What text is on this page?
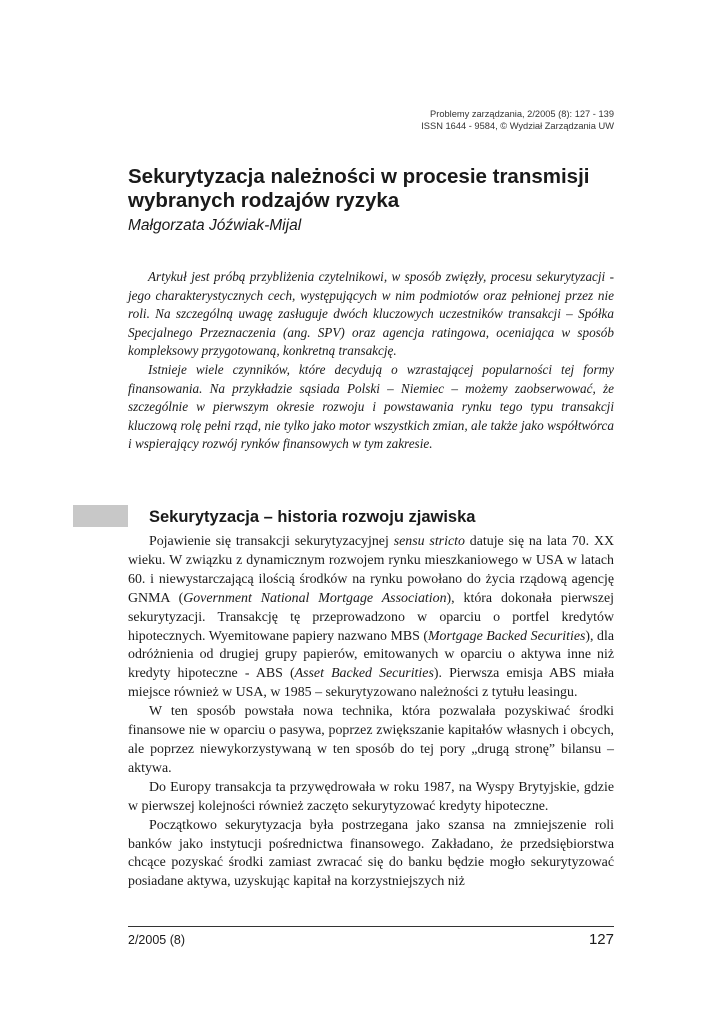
Problemy zarządzania, 2/2005 (8): 127 - 139
ISSN 1644 - 9584, © Wydział Zarządzania UW
Sekurytyzacja należności w procesie transmisji wybranych rodzajów ryzyka
Małgorzata Jóźwiak-Mijal

Artykuł jest próbą przybliżenia czytelnikowi, w sposób zwięzły, procesu sekurytyzacji - jego charakterystycznych cech, występujących w nim podmiotów oraz pełnionej przez nie roli. Na szczególną uwagę zasługuje dwóch kluczowych uczestników transakcji – Spółka Specjalnego Przeznaczenia (ang. SPV) oraz agencja ratingowa, oceniająca w sposób kompleksowy przygotowaną, konkretną transakcję.

Istnieje wiele czynników, które decydują o wzrastającej popularności tej formy finansowania. Na przykładzie sąsiada Polski – Niemiec – możemy zaobserwować, że szczególnie w pierwszym okresie rozwoju i powstawania rynku tego typu transakcji kluczową rolę pełni rząd, nie tylko jako motor wszystkich zmian, ale także jako współtwórca i wspierający rozwój rynków finansowych w tym zakresie.

Sekurytyzacja – historia rozwoju zjawiska

Pojawienie się transakcji sekurytyzacyjnej sensu stricto datuje się na lata 70. XX wieku. W związku z dynamicznym rozwojem rynku mieszkaniowego w USA w latach 60. i niewystarczającą ilością środków na rynku powołano do życia rządową agencję GNMA (Government National Mortgage Association), która dokonała pierwszej sekurytyzacji. Transakcję tę przeprowadzono w oparciu o portfel kredytów hipotecznych. Wyemitowane papiery nazwano MBS (Mortgage Backed Securities), dla odróżnienia od drugiej grupy papierów, emitowanych w oparciu o aktywa inne niż kredyty hipoteczne - ABS (Asset Backed Securities). Pierwsza emisja ABS miała miejsce również w USA, w 1985 – sekurytyzowano należności z tytułu leasingu.

W ten sposób powstała nowa technika, która pozwalała pozyskiwać środki finansowe nie w oparciu o pasywa, poprzez zwiększanie kapitałów własnych i obcych, ale poprzez niewykorzystywaną w ten sposób do tej pory „drugą stronę” bilansu – aktywa.

Do Europy transakcja ta przywędrowała w roku 1987, na Wyspy Brytyjskie, gdzie w pierwszej kolejności również zaczęto sekurytyzować kredyty hipoteczne.

Początkowo sekurytyzacja była postrzegana jako szansa na zmniejszenie roli banków jako instytucji pośrednictwa finansowego. Zakładano, że przedsiębiorstwa chcące pozyskać środki zamiast zwracać się do banku będzie mogło sekurytyzować posiadane aktywa, uzyskując kapitał na korzystniejszych niż

2/2005 (8)	127
